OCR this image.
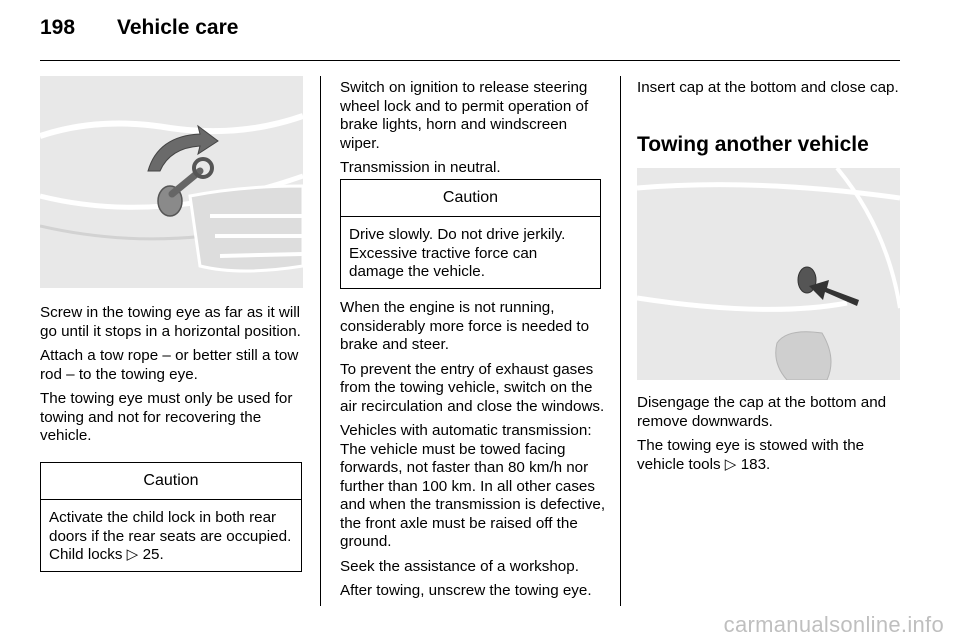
198 Vehicle care

Screw in the towing eye as far as it will go until it stops in a horizontal position.

Attach a tow rope – or better still a tow rod – to the towing eye.

The towing eye must only be used for towing and not for recovering the vehicle.

Caution
Activate the child lock in both rear doors if the rear seats are occupied. Child locks ▷ 25.

Switch on ignition to release steering wheel lock and to permit operation of brake lights, horn and windscreen wiper.

Transmission in neutral.

Caution
Drive slowly. Do not drive jerkily. Excessive tractive force can damage the vehicle.

When the engine is not running, considerably more force is needed to brake and steer.

To prevent the entry of exhaust gases from the towing vehicle, switch on the air recirculation and close the windows.

Vehicles with automatic transmission: The vehicle must be towed facing forwards, not faster than 80 km/h nor further than 100 km. In all other cases and when the transmission is defective, the front axle must be raised off the ground.

Seek the assistance of a workshop.

After towing, unscrew the towing eye.

Insert cap at the bottom and close cap.

Towing another vehicle

Disengage the cap at the bottom and remove downwards.

The towing eye is stowed with the vehicle tools ▷ 183.

carmanualsonline.info
